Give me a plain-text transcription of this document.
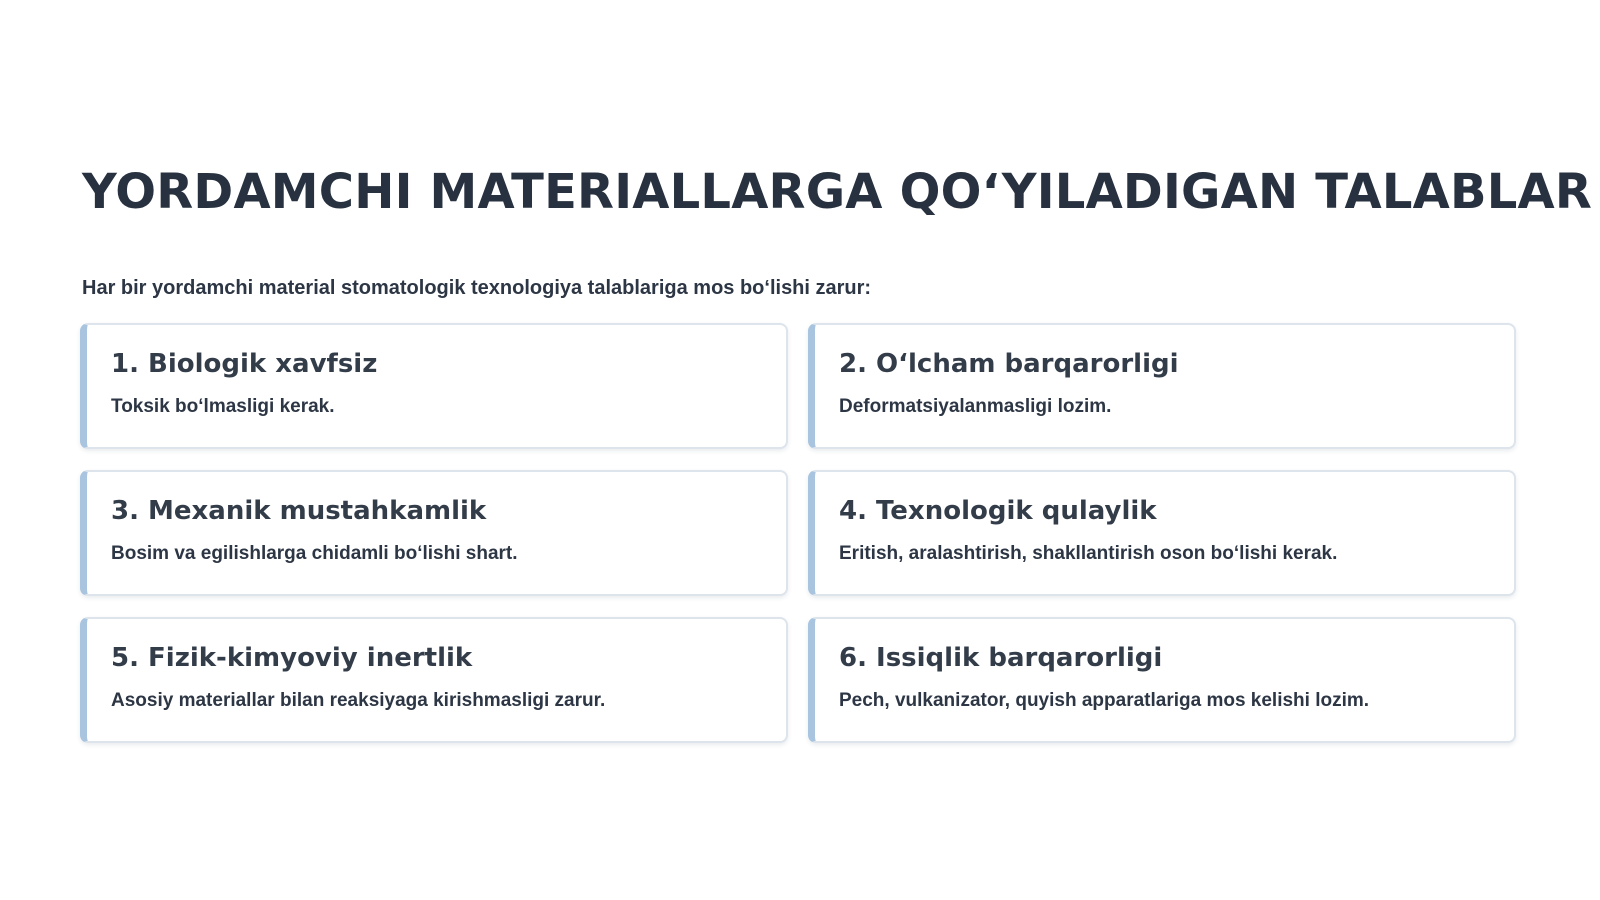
YORDAMCHI MATERIALLARGA QO‘YILADIGAN TALABLAR

Har bir yordamchi material stomatologik texnologiya talablariga mos bo‘lishi zarur:

1. Biologik xavfsiz

Toksik bo‘lmasligi kerak.

2. O‘lcham barqarorligi

Deformatsiyalanmasligi lozim.

3. Mexanik mustahkamlik

Bosim va egilishlarga chidamli bo‘lishi shart.

4. Texnologik qulaylik

Eritish, aralashtirish, shakllantirish oson bo‘lishi kerak.

5. Fizik-kimyoviy inertlik

Asosiy materiallar bilan reaksiyaga kirishmasligi zarur.

6. Issiqlik barqarorligi

Pech, vulkanizator, quyish apparatlariga mos kelishi lozim.
